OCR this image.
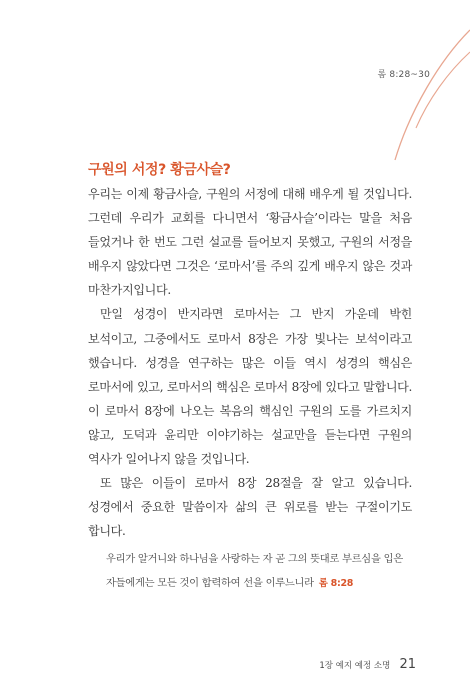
롬 8:28~30
구원의 서정? 황금사슬?

우리는 이제 황금사슬, 구원의 서정에 대해 배우게 될 것입니다. 그런데 우리가 교회를 다니면서 ‘황금사슬’이라는 말을 처음 들었거나 한 번도 그런 설교를 들어보지 못했고, 구원의 서정을 배우지 않았다면 그것은 ‘로마서’를 주의 깊게 배우지 않은 것과 마찬가지입니다.

만일 성경이 반지라면 로마서는 그 반지 가운데 박힌 보석이고, 그중에서도 로마서 8장은 가장 빛나는 보석이라고 했습니다. 성경을 연구하는 많은 이들 역시 성경의 핵심은 로마서에 있고, 로마서의 핵심은 로마서 8장에 있다고 말합니다. 이 로마서 8장에 나오는 복음의 핵심인 구원의 도를 가르치지 않고, 도덕과 윤리만 이야기하는 설교만을 듣는다면 구원의 역사가 일어나지 않을 것입니다.

또 많은 이들이 로마서 8장 28절을 잘 알고 있습니다. 성경에서 중요한 말씀이자 삶의 큰 위로를 받는 구절이기도 합니다.

우리가 알거니와 하나님을 사랑하는 자 곧 그의 뜻대로 부르심을 입은 자들에게는 모든 것이 합력하여 선을 이루느니라 롬 8:28
1장 예지 예정 소명 21
